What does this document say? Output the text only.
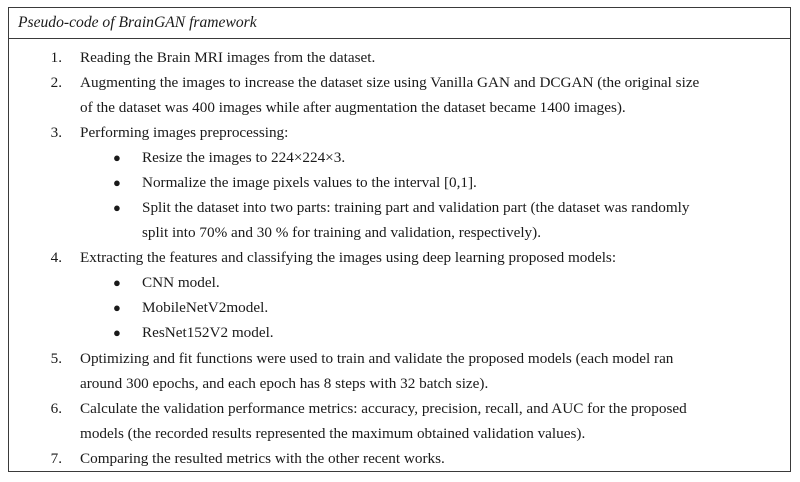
Pseudo-code of BrainGAN framework
1. Reading the Brain MRI images from the dataset.
2. Augmenting the images to increase the dataset size using Vanilla GAN and DCGAN (the original size
of the dataset was 400 images while after augmentation the dataset became 1400 images).
3. Performing images preprocessing:
● Resize the images to 224×224×3.
● Normalize the image pixels values to the interval [0,1].
● Split the dataset into two parts: training part and validation part (the dataset was randomly
split into 70% and 30 % for training and validation, respectively).
4. Extracting the features and classifying the images using deep learning proposed models:
● CNN model.
● MobileNetV2model.
● ResNet152V2 model.
5. Optimizing and fit functions were used to train and validate the proposed models (each model ran
around 300 epochs, and each epoch has 8 steps with 32 batch size).
6. Calculate the validation performance metrics: accuracy, precision, recall, and AUC for the proposed
models (the recorded results represented the maximum obtained validation values).
7. Comparing the resulted metrics with the other recent works.
